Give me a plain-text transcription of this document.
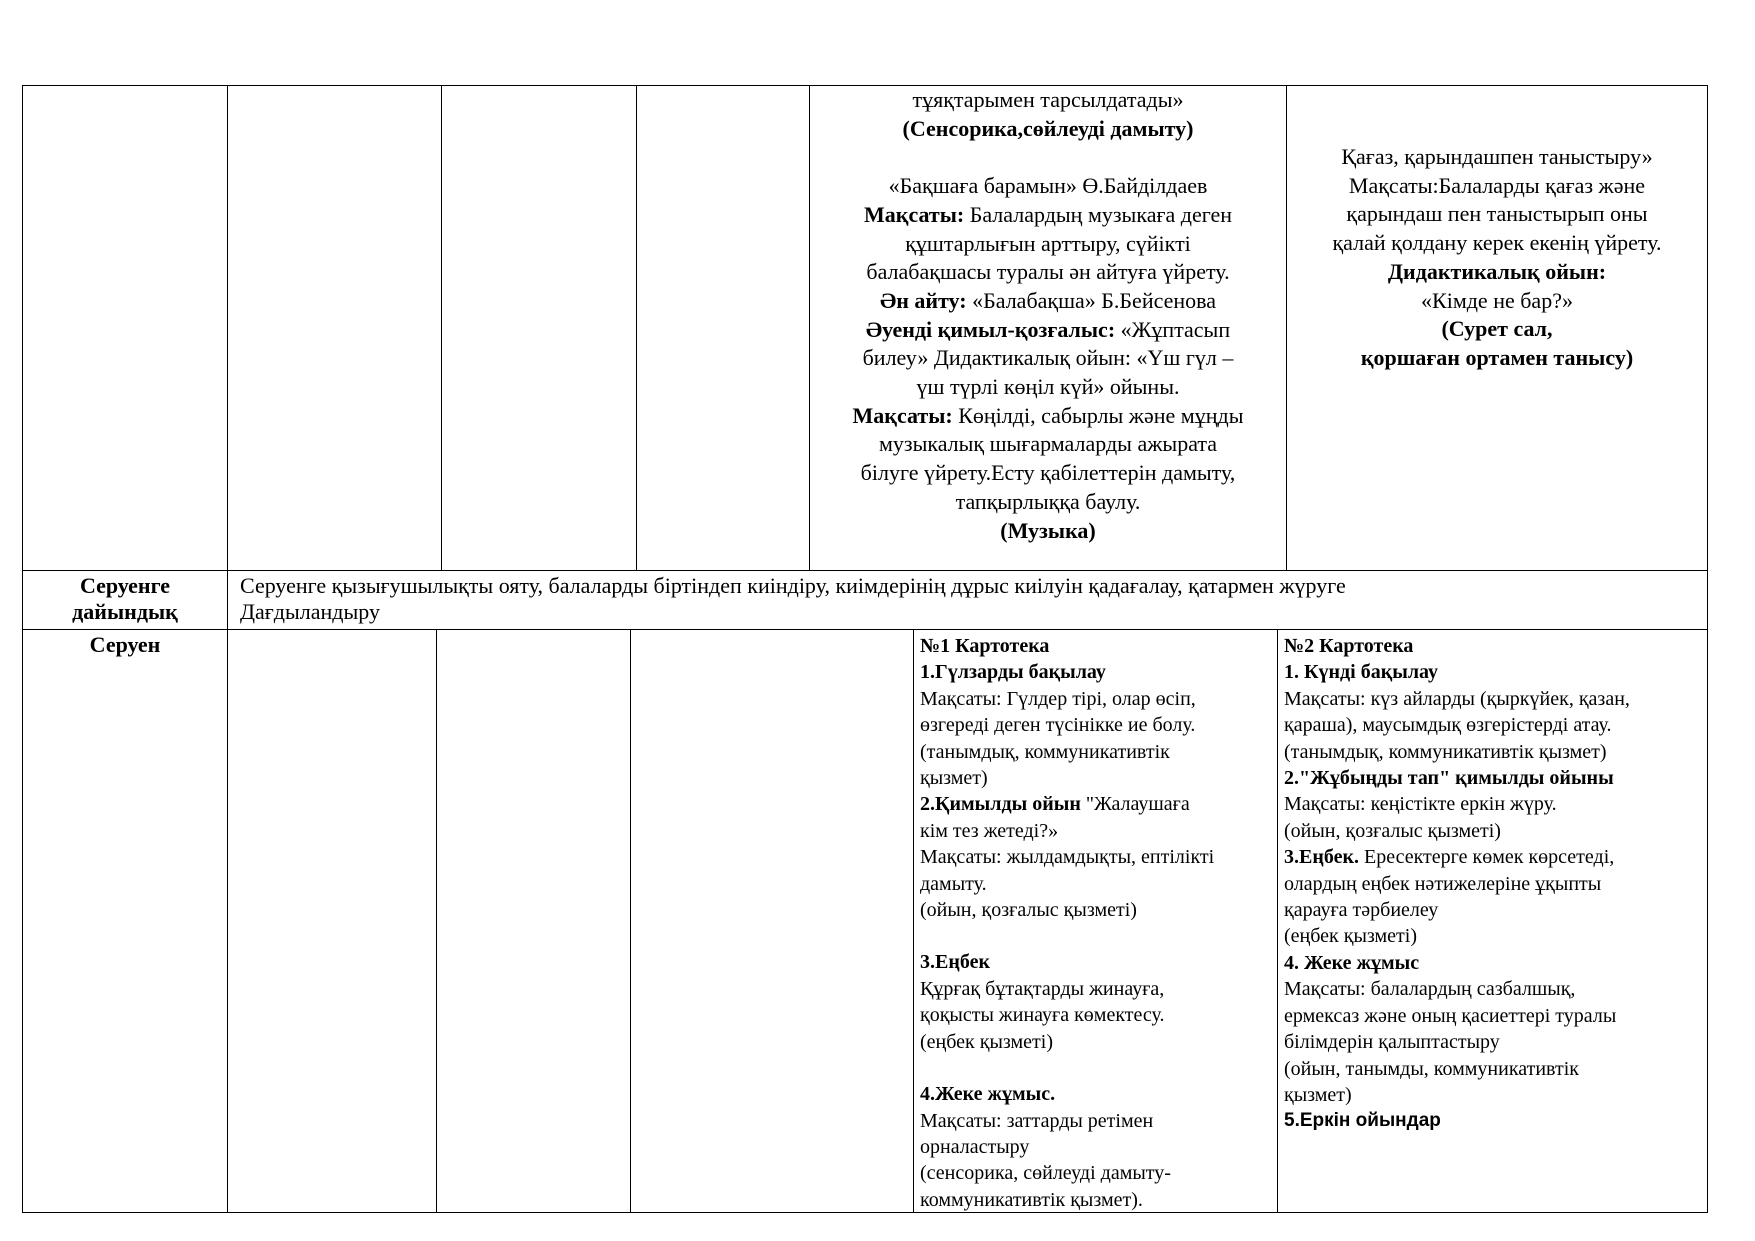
тұяқтарымен тарсылдатады»
(Сенсорика,сөйлеуді дамыту)
«Бақшаға барамын» Ө.Байділдаев
Мақсаты: Балалардың музыкаға деген
құштарлығын арттыру, сүйікті
балабақшасы туралы ән айтуға үйрету.
Ән айту: «Балабақша» Б.Бейсенова
Әуенді қимыл-қозғалыс: «Жұптасып
билеу» Дидактикалық ойын: «Үш гүл –
үш түрлі көңіл күй» ойыны.
Мақсаты: Көңілді, сабырлы және мұңды
музыкалық шығармаларды ажырата
білуге үйрету.Есту қабілеттерін дамыту,
тапқырлыққа баулу.
(Музыка)
Қағаз, қарындашпен таныстыру»
Мақсаты:Балаларды қағаз және
қарындаш пен таныстырып оны
қалай қолдану керек екенің үйрету.
Дидактикалық ойын:
«Кімде не бар?»
(Сурет сал,
қоршаған ортамен танысу)
Серуенге
дайындық
Серуенге қызығушылықты ояту, балаларды біртіндеп киіндіру, киімдерінің дұрыс киілуін қадағалау, қатармен жүруге
Дағдыландыру
Серуен	№1 Картотека
1.Гүлзарды бақылау
Мақсаты: Гүлдер тірі, олар өсіп,
өзгереді деген түсінікке ие болу.
(танымдық, коммуникативтік
қызмет)
2.Қимылды ойын "Жалаушаға
кім тез жетеді?»
Мақсаты: жылдамдықты, ептілікті
дамыту.
(ойын, қозғалыс қызметі)
3.Еңбек
Құрғақ бұтақтарды жинауға,
қоқысты жинауға көмектесу.
(еңбек қызметі)
4.Жеке жұмыс.
Мақсаты: заттарды ретімен
орналастыру
(сенсорика, сөйлеуді дамыту-
коммуникативтік қызмет).
№2 Картотека
1. Күнді бақылау
Мақсаты: күз айларды (қыркүйек, қазан,
қараша), маусымдық өзгерістерді атау.
(танымдық, коммуникативтік қызмет)
2."Жұбыңды тап" қимылды ойыны
Мақсаты: кеңістікте еркін жүру.
(ойын, қозғалыс қызметі)
3.Еңбек. Ересектерге көмек көрсетеді,
олардың еңбек нәтижелеріне ұқыпты
қарауға тәрбиелеу
(еңбек қызметі)
4. Жеке жұмыс
Мақсаты: балалардың сазбалшық,
ермексаз және оның қасиеттері туралы
білімдерін қалыптастыру
(ойын, танымды, коммуникативтік
қызмет)
5.Еркін ойындар
